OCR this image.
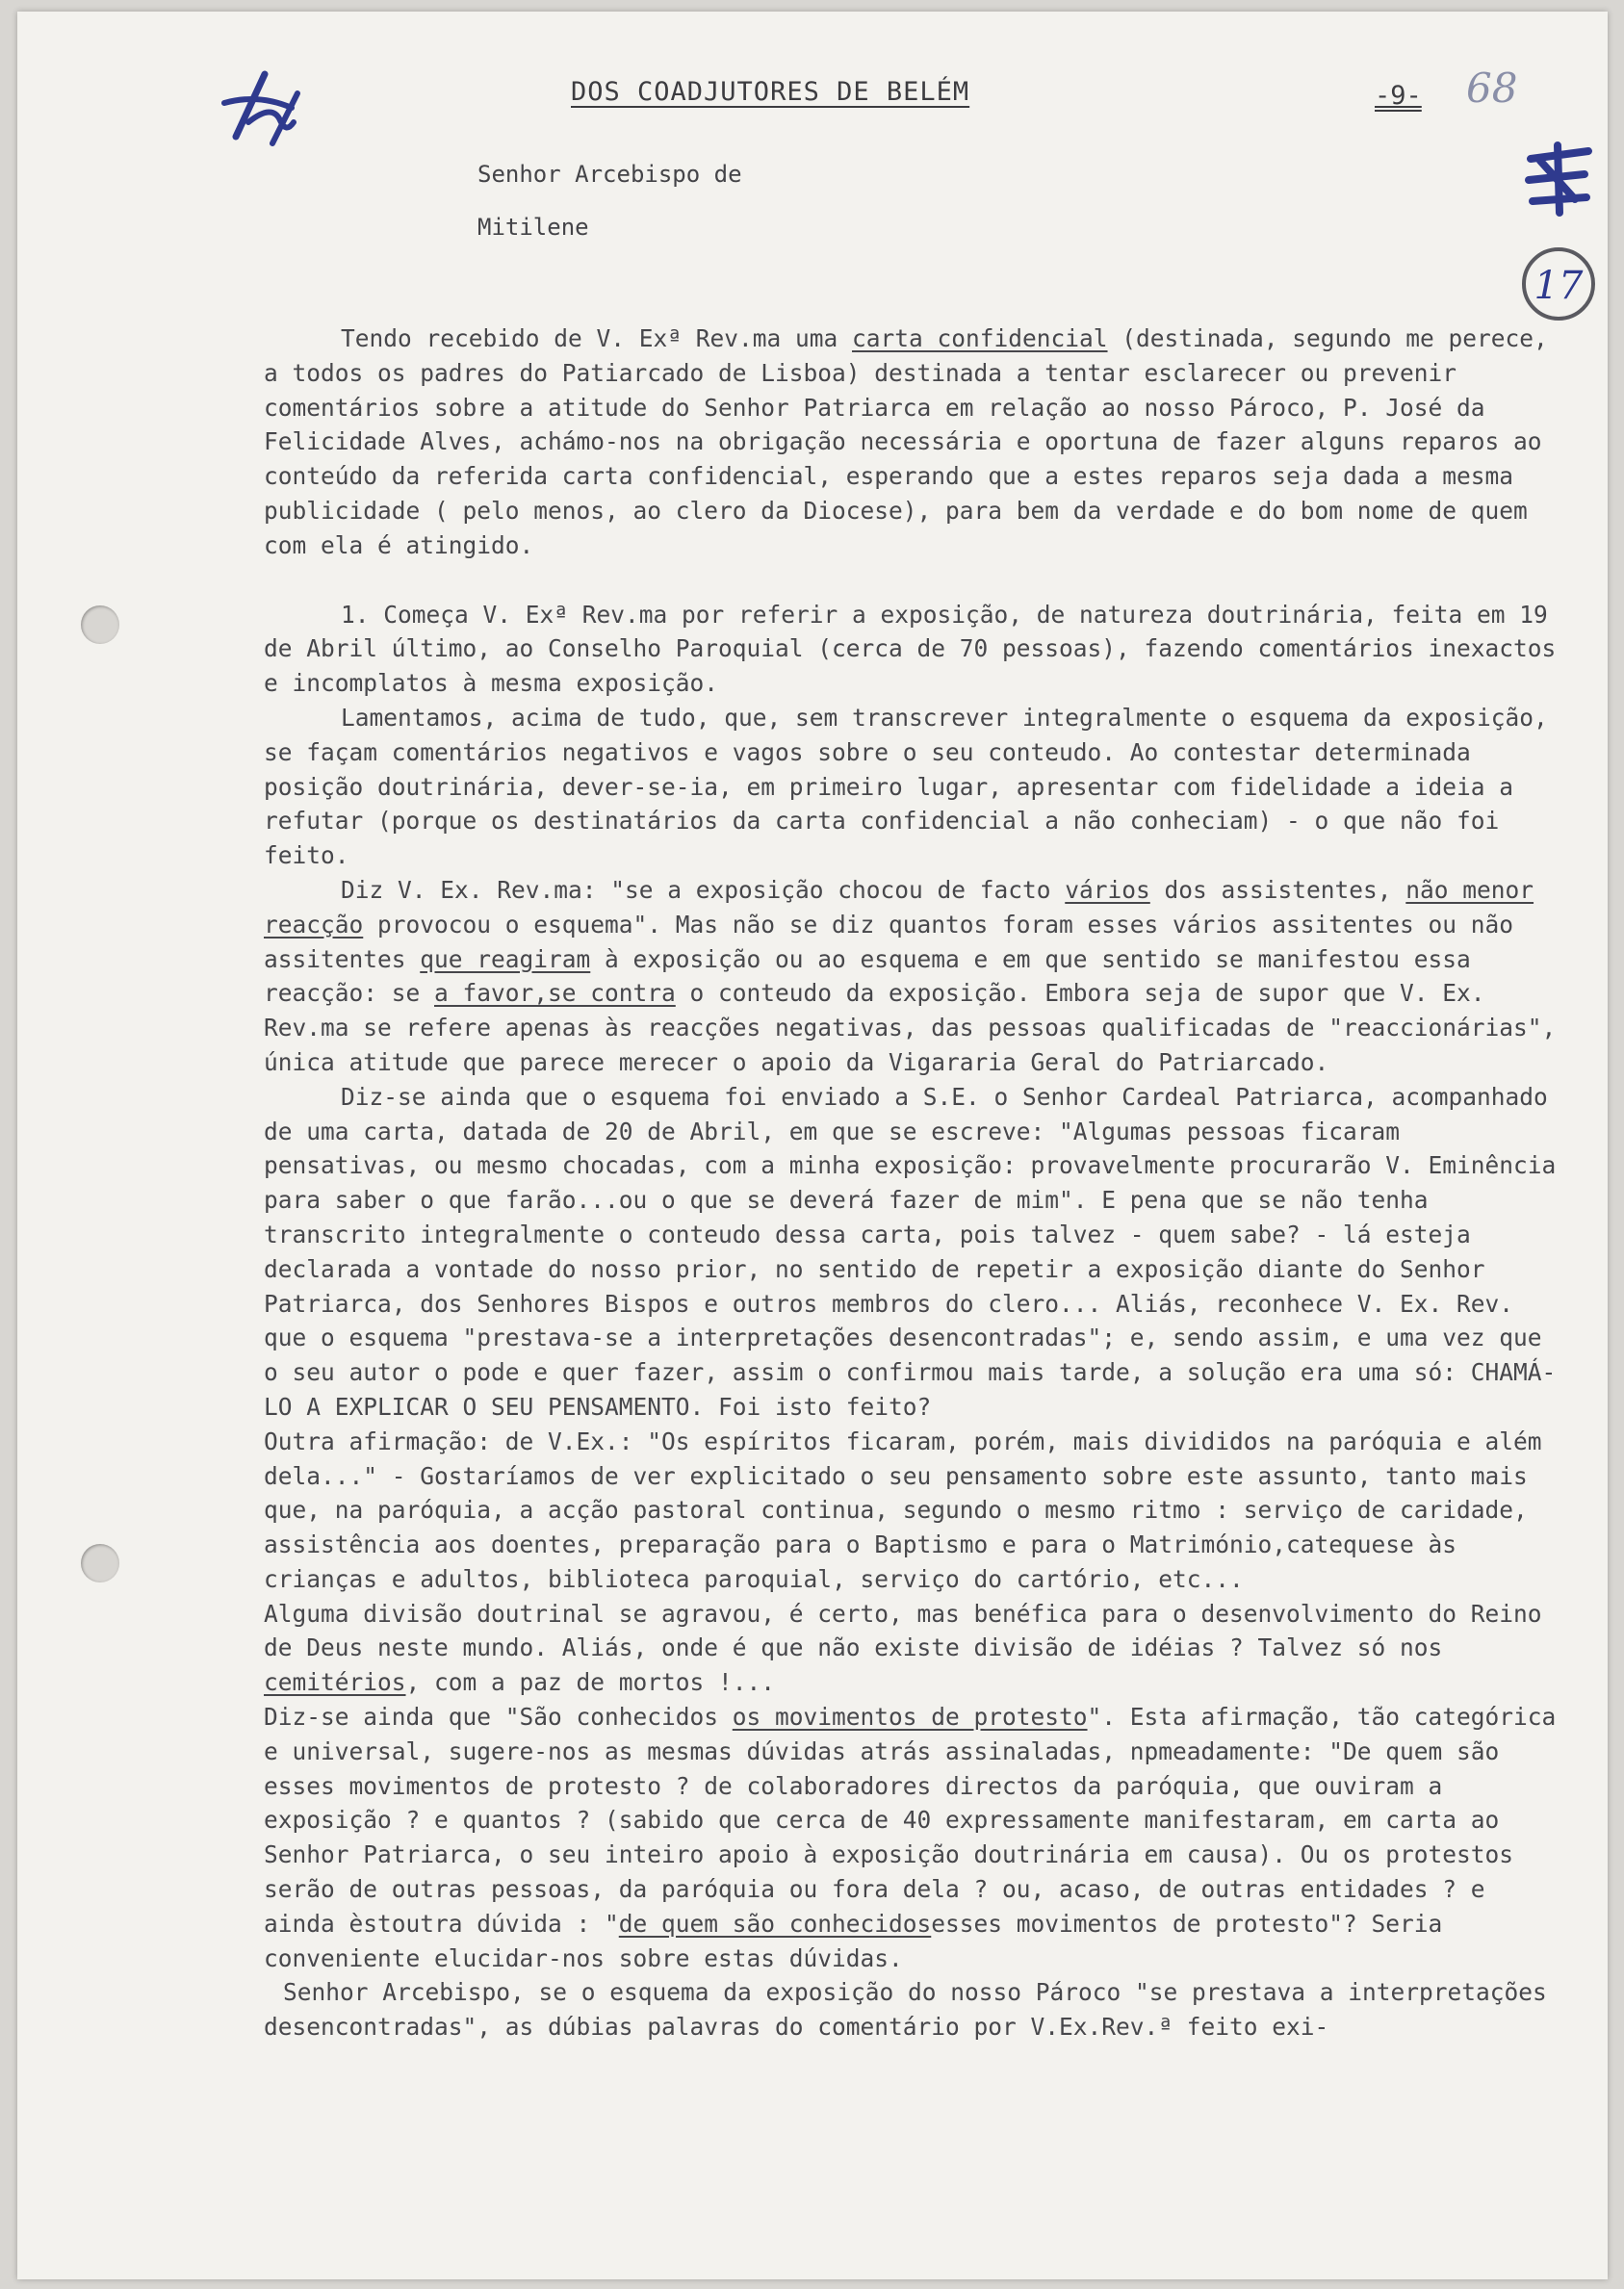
DOS COADJUTORES DE BELÉM	-9- 68
17
Senhor Arcebispo de
Mitilene

Tendo recebido de V. Exª Rev.ma uma carta confidencial (destinada, segundo me perece, a todos os padres do Patiarcado de Lisboa) destinada a tentar esclarecer ou prevenir comentários sobre a atitude do Senhor Patriarca em relação ao nosso Pároco, P. José da Felicidade Alves, achámo-nos na obrigação necessária e oportuna de fazer alguns reparos ao conteúdo da referida carta confidencial, esperando que a estes reparos seja dada a mesma publicidade ( pelo menos, ao clero da Diocese), para bem da verdade e do bom nome de quem com ela é atingido.

1. Começa V. Exª Rev.ma por referir a exposição, de natureza doutrinária, feita em 19 de Abril último, ao Conselho Paroquial (cerca de 70 pessoas), fazendo comentários inexactos e incomplatos à mesma exposição.

Lamentamos, acima de tudo, que, sem transcrever integralmente o esquema da exposição, se façam comentários negativos e vagos sobre o seu conteudo. Ao contestar determinada posição doutrinária, dever-se-ia, em primeiro lugar, apresentar com fidelidade a ideia a refutar (porque os destinatários da carta confidencial a não conheciam) - o que não foi feito.

Diz V. Ex. Rev.ma: "se a exposição chocou de facto vários dos assistentes, não menor reacção provocou o esquema". Mas não se diz quantos foram esses vários assitentes ou não assitentes que reagiram à exposição ou ao esquema e em que sentido se manifestou essa reacção: se a favor,se contra o conteudo da exposição. Embora seja de supor que V. Ex. Rev.ma se refere apenas às reacções negativas, das pessoas qualificadas de "reaccionárias", única atitude que parece merecer o apoio da Vigararia Geral do Patriarcado.

Diz-se ainda que o esquema foi enviado a S.E. o Senhor Cardeal Patriarca, acompanhado de uma carta, datada de 20 de Abril, em que se escreve: "Algumas pessoas ficaram pensativas, ou mesmo chocadas, com a minha exposição: provavelmente procurarão V. Eminência para saber o que farão...ou o que se deverá fazer de mim". E pena que se não tenha transcrito integralmente o conteudo dessa carta, pois talvez - quem sabe? - lá esteja declarada a vontade do nosso prior, no sentido de repetir a exposição diante do Senhor Patriarca, dos Senhores Bispos e outros membros do clero... Aliás, reconhece V. Ex. Rev. que o esquema "prestava-se a interpretações desencontradas"; e, sendo assim, e uma vez que o seu autor o pode e quer fazer, assim o confirmou mais tarde, a solução era uma só: CHAMÁ-LO A EXPLICAR O SEU PENSAMENTO. Foi isto feito?

Outra afirmação: de V.Ex.: "Os espíritos ficaram, porém, mais divididos na paróquia e além dela..." - Gostaríamos de ver explicitado o seu pensamento sobre este assunto, tanto mais que, na paróquia, a acção pastoral continua, segundo o mesmo ritmo : serviço de caridade, assistência aos doentes, preparação para o Baptismo e para o Matrimónio,catequese às crianças e adultos, biblioteca paroquial, serviço do cartório, etc...

Alguma divisão doutrinal se agravou, é certo, mas benéfica para o desenvolvimento do Reino de Deus neste mundo. Aliás, onde é que não existe divisão de idéias ? Talvez só nos cemitérios, com a paz de mortos !...

Diz-se ainda que "São conhecidos os movimentos de protesto". Esta afirmação, tão categórica e universal, sugere-nos as mesmas dúvidas atrás assinaladas, npmeadamente: "De quem são esses movimentos de protesto ? de colaboradores directos da paróquia, que ouviram a exposição ? e quantos ? (sabido que cerca de 40 expressamente manifestaram, em carta ao Senhor Patriarca, o seu inteiro apoio à exposição doutrinária em causa). Ou os protestos serão de outras pessoas, da paróquia ou fora dela ? ou, acaso, de outras entidades ? e ainda èstoutra dúvida : "de quem são conhecidosesses movimentos de protesto"? Seria conveniente elucidar-nos sobre estas dúvidas.

Senhor Arcebispo, se o esquema da exposição do nosso Pároco "se prestava a interpretações desencontradas", as dúbias palavras do comentário por V.Ex.Rev.ª feito exi-
